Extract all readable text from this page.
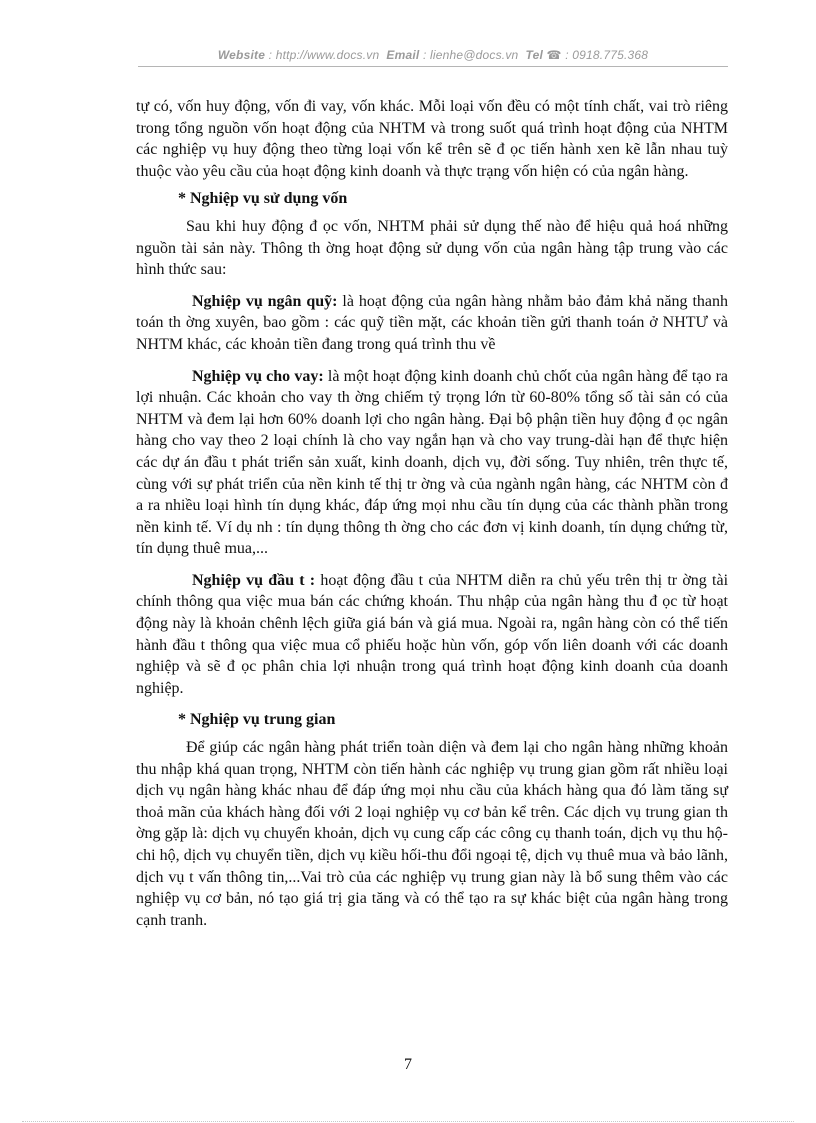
Website : http://www.docs.vn Email : lienhe@docs.vn Tel ☎ : 0918.775.368

tự có, vốn huy động, vốn đi vay, vốn khác. Mỗi loại vốn đều có một tính chất, vai trò riêng trong tổng nguồn vốn hoạt động của NHTM và trong suốt quá trình hoạt động của NHTM các nghiệp vụ huy động theo từng loại vốn kể trên sẽ đ ọc tiến hành xen kẽ lẫn nhau tuỳ thuộc vào yêu cầu của hoạt động kinh doanh và thực trạng vốn hiện có của ngân hàng.

* Nghiệp vụ sử dụng vốn

Sau khi huy động đ ọc vốn, NHTM phải sử dụng thế nào để hiệu quả hoá những nguồn tài sản này. Thông th ờng hoạt động sử dụng vốn của ngân hàng tập trung vào các hình thức sau:

Nghiệp vụ ngân quỹ: là hoạt động của ngân hàng nhằm bảo đảm khả năng thanh toán th ờng xuyên, bao gồm : các quỹ tiền mặt, các khoản tiền gửi thanh toán ở NHTƯ và NHTM khác, các khoản tiền đang trong quá trình thu về

Nghiệp vụ cho vay: là một hoạt động kinh doanh chủ chốt của ngân hàng để tạo ra lợi nhuận. Các khoản cho vay th ờng chiếm tỷ trọng lớn từ 60-80% tổng số tài sản có của NHTM và đem lại hơn 60% doanh lợi cho ngân hàng. Đại bộ phận tiền huy động đ ọc ngân hàng cho vay theo 2 loại chính là cho vay ngắn hạn và cho vay trung-dài hạn để thực hiện các dự án đầu t phát triển sản xuất, kinh doanh, dịch vụ, đời sống. Tuy nhiên, trên thực tế, cùng với sự phát triển của nền kinh tế thị tr ờng và của ngành ngân hàng, các NHTM còn đ a ra nhiều loại hình tín dụng khác, đáp ứng mọi nhu cầu tín dụng của các thành phần trong nền kinh tế. Ví dụ nh : tín dụng thông th ờng cho các đơn vị kinh doanh, tín dụng chứng từ, tín dụng thuê mua,...

Nghiệp vụ đầu t : hoạt động đầu t của NHTM diễn ra chủ yếu trên thị tr ờng tài chính thông qua việc mua bán các chứng khoán. Thu nhập của ngân hàng thu đ ọc từ hoạt động này là khoản chênh lệch giữa giá bán và giá mua. Ngoài ra, ngân hàng còn có thể tiến hành đầu t thông qua việc mua cổ phiếu hoặc hùn vốn, góp vốn liên doanh với các doanh nghiệp và sẽ đ ọc phân chia lợi nhuận trong quá trình hoạt động kinh doanh của doanh nghiệp.

* Nghiệp vụ trung gian

Để giúp các ngân hàng phát triển toàn diện và đem lại cho ngân hàng những khoản thu nhập khá quan trọng, NHTM còn tiến hành các nghiệp vụ trung gian gồm rất nhiều loại dịch vụ ngân hàng khác nhau để đáp ứng mọi nhu cầu của khách hàng qua đó làm tăng sự thoả mãn của khách hàng đối với 2 loại nghiệp vụ cơ bản kể trên. Các dịch vụ trung gian th ờng gặp là: dịch vụ chuyển khoản, dịch vụ cung cấp các công cụ thanh toán, dịch vụ thu hộ-chi hộ, dịch vụ chuyển tiền, dịch vụ kiều hối-thu đổi ngoại tệ, dịch vụ thuê mua và bảo lãnh, dịch vụ t vấn thông tin,...Vai trò của các nghiệp vụ trung gian này là bổ sung thêm vào các nghiệp vụ cơ bản, nó tạo giá trị gia tăng và có thể tạo ra sự khác biệt của ngân hàng trong cạnh tranh.

7
